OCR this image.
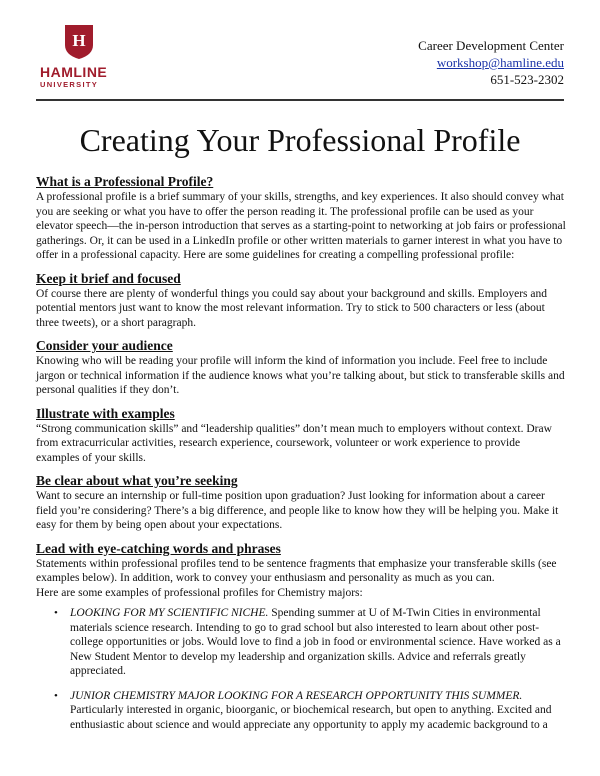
H
HAMLINE
UNIVERSITY
Career Development Center
workshop@hamline.edu
651-523-2302
Creating Your Professional Profile

What is a Professional Profile?

A professional profile is a brief summary of your skills, strengths, and key experiences. It also should convey what you are seeking or what you have to offer the person reading it. The professional profile can be used as your elevator speech—the in-person introduction that serves as a starting-point to networking at job fairs or professional gatherings. Or, it can be used in a LinkedIn profile or other written materials to garner interest in what you have to offer in a professional capacity. Here are some guidelines for creating a compelling professional profile:

Keep it brief and focused

Of course there are plenty of wonderful things you could say about your background and skills. Employers and potential mentors just want to know the most relevant information. Try to stick to 500 characters or less (about three tweets), or a short paragraph.

Consider your audience

Knowing who will be reading your profile will inform the kind of information you include. Feel free to include jargon or technical information if the audience knows what you’re talking about, but stick to transferable skills and personal qualities if they don’t.

Illustrate with examples

“Strong communication skills” and “leadership qualities” don’t mean much to employers without context. Draw from extracurricular activities, research experience, coursework, volunteer or work experience to provide examples of your skills.

Be clear about what you’re seeking

Want to secure an internship or full-time position upon graduation? Just looking for information about a career field you’re considering? There’s a big difference, and people like to know how they will be helping you. Make it easy for them by being open about your expectations.

Lead with eye-catching words and phrases

Statements within professional profiles tend to be sentence fragments that emphasize your transferable skills (see examples below). In addition, work to convey your enthusiasm and personality as much as you can.

Here are some examples of professional profiles for Chemistry majors:

• LOOKING FOR MY SCIENTIFIC NICHE. Spending summer at U of M-Twin Cities in environmental materials science research. Intending to go to grad school but also interested to learn about other post-college opportunities or jobs. Would love to find a job in food or environmental science. Have worked as a New Student Mentor to develop my leadership and organization skills. Advice and referrals greatly appreciated.
• JUNIOR CHEMISTRY MAJOR LOOKING FOR A RESEARCH OPPORTUNITY THIS SUMMER. Particularly interested in organic, bioorganic, or biochemical research, but open to anything. Excited and enthusiastic about science and would appreciate any opportunity to apply my academic background to a
